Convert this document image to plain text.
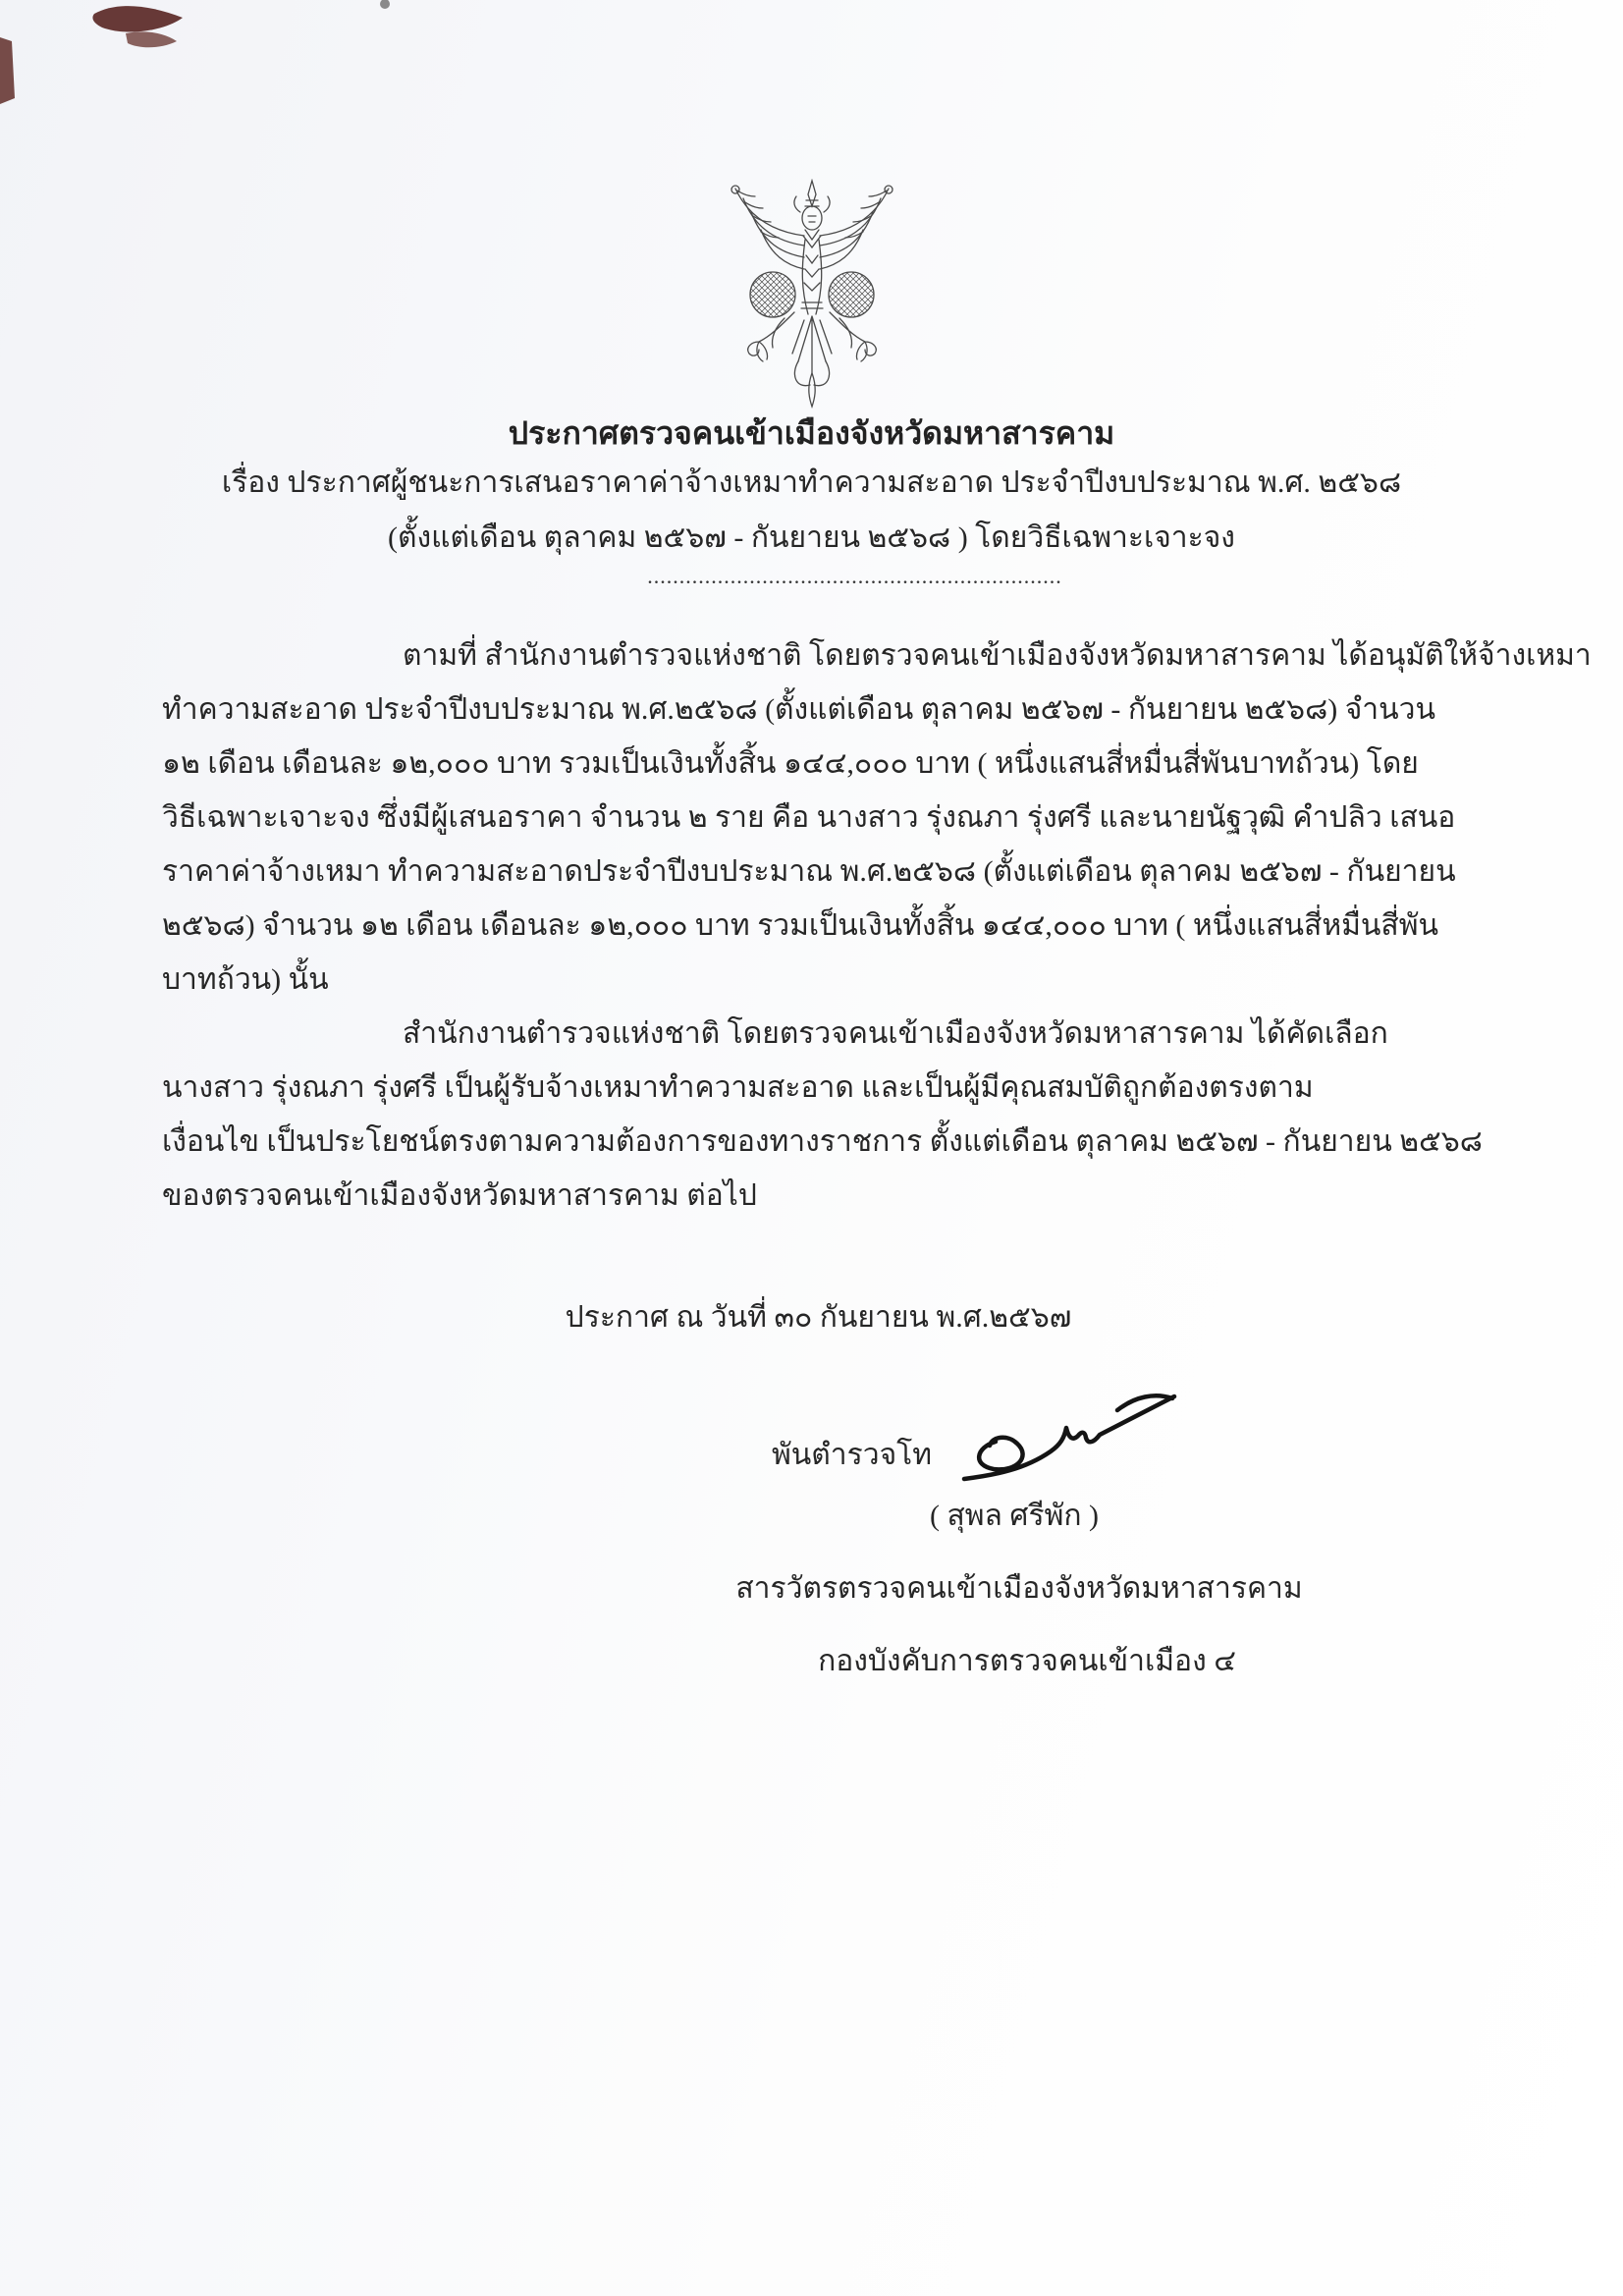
ประกาศตรวจคนเข้าเมืองจังหวัดมหาสารคาม
เรื่อง ประกาศผู้ชนะการเสนอราคาค่าจ้างเหมาทำความสะอาด ประจำปีงบประมาณ พ.ศ. ๒๕๖๘
(ตั้งแต่เดือน ตุลาคม ๒๕๖๗ - กันยายน ๒๕๖๘ ) โดยวิธีเฉพาะเจาะจง
.................................................................
ตามที่ สำนักงานตำรวจแห่งชาติ โดยตรวจคนเข้าเมืองจังหวัดมหาสารคาม ได้อนุมัติให้จ้างเหมา
ทำความสะอาด ประจำปีงบประมาณ พ.ศ.๒๕๖๘ (ตั้งแต่เดือน ตุลาคม ๒๕๖๗ - กันยายน ๒๕๖๘) จำนวน
๑๒ เดือน เดือนละ ๑๒,๐๐๐ บาท รวมเป็นเงินทั้งสิ้น ๑๔๔,๐๐๐ บาท ( หนึ่งแสนสี่หมื่นสี่พันบาทถ้วน) โดย
วิธีเฉพาะเจาะจง ซึ่งมีผู้เสนอราคา จำนวน ๒ ราย คือ นางสาว รุ่งณภา รุ่งศรี และนายนัฐวุฒิ คำปลิว เสนอ
ราคาค่าจ้างเหมา ทำความสะอาดประจำปีงบประมาณ พ.ศ.๒๕๖๘ (ตั้งแต่เดือน ตุลาคม ๒๕๖๗ - กันยายน
๒๕๖๘) จำนวน ๑๒ เดือน เดือนละ ๑๒,๐๐๐ บาท รวมเป็นเงินทั้งสิ้น ๑๔๔,๐๐๐ บาท ( หนึ่งแสนสี่หมื่นสี่พัน
บาทถ้วน) นั้น
สำนักงานตำรวจแห่งชาติ โดยตรวจคนเข้าเมืองจังหวัดมหาสารคาม ได้คัดเลือก
นางสาว รุ่งณภา รุ่งศรี เป็นผู้รับจ้างเหมาทำความสะอาด และเป็นผู้มีคุณสมบัติถูกต้องตรงตาม
เงื่อนไข เป็นประโยชน์ตรงตามความต้องการของทางราชการ ตั้งแต่เดือน ตุลาคม ๒๕๖๗ - กันยายน ๒๕๖๘
ของตรวจคนเข้าเมืองจังหวัดมหาสารคาม ต่อไป
ประกาศ ณ วันที่ ๓๐ กันยายน พ.ศ.๒๕๖๗
พันตำรวจโท
( สุพล ศรีพัก )
สารวัตรตรวจคนเข้าเมืองจังหวัดมหาสารคาม
กองบังคับการตรวจคนเข้าเมือง ๔
